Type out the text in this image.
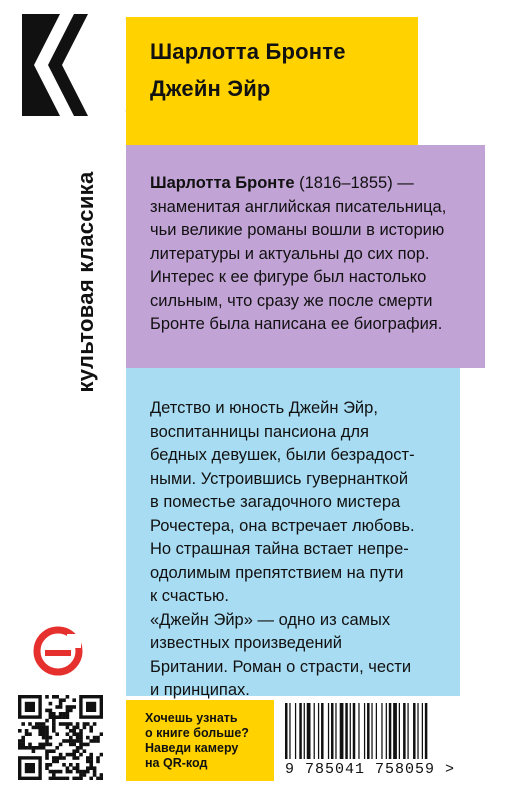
Шарлотта Бронте
Джейн Эйр
культовая классика	Шарлотта Бронте (1816–1855) — знаменитая английская писательница, чьи великие романы вошли в историю литературы и актуальны до сих пор. Интерес к ее фигуре был настолько сильным, что сразу же после смерти Бронте была написана ее биография.

Детство и юность Джейн Эйр,
воспитанницы пансиона для
бедных девушек, были безрадост-
ными. Устроившись гувернанткой
в поместье загадочного мистера
Рочестера, она встречает любовь.
Но страшная тайна встает непре-
одолимым препятствием на пути
к счастью.
«Джейн Эйр» — одно из самых
известных произведений
Британии. Роман о страсти, чести
и принципах.
Хочешь узнать
о книге больше?
Наведи камеру
на QR-код	9 785041 758059 >
